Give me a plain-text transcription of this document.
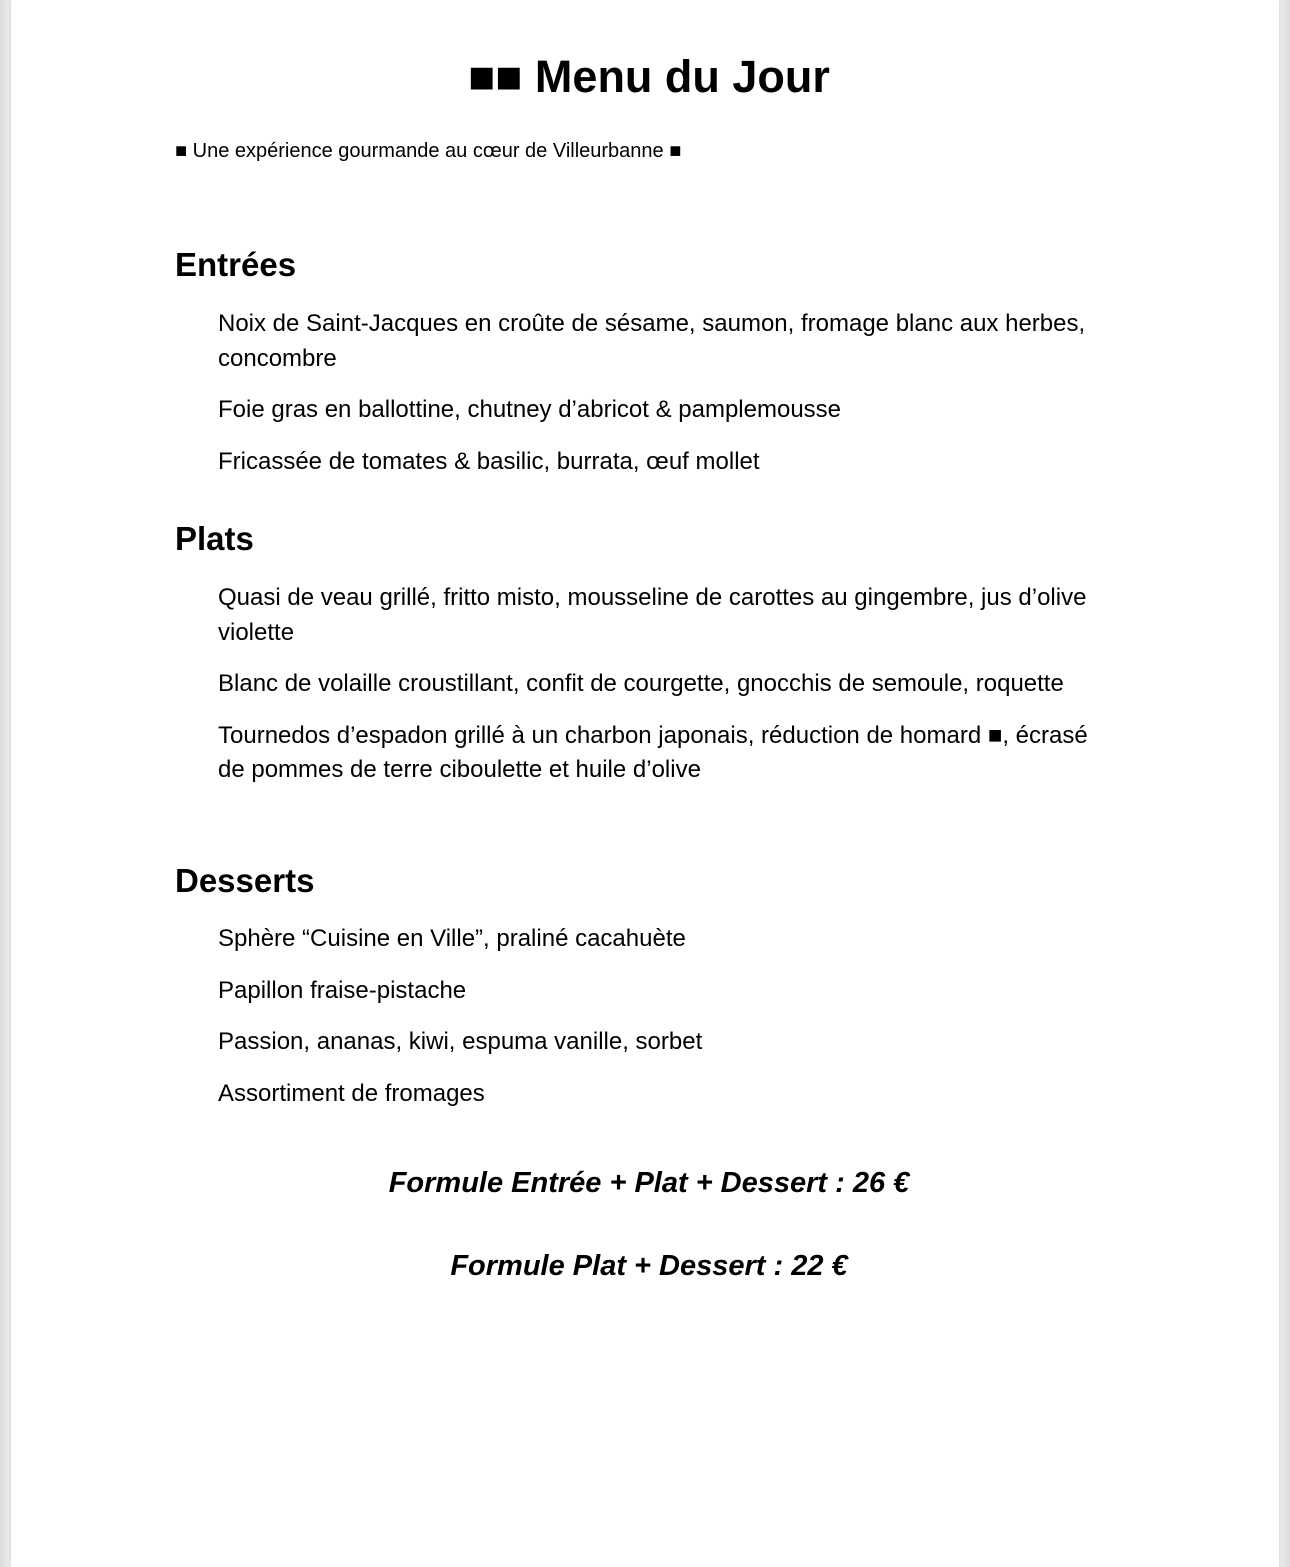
■■ Menu du Jour

■ Une expérience gourmande au cœur de Villeurbanne ■

Entrées
Noix de Saint-Jacques en croûte de sésame, saumon, fromage blanc aux herbes, concombre
Foie gras en ballottine, chutney d’abricot & pamplemousse
Fricassée de tomates & basilic, burrata, œuf mollet
Plats
Quasi de veau grillé, fritto misto, mousseline de carottes au gingembre, jus d’olive violette
Blanc de volaille croustillant, confit de courgette, gnocchis de semoule, roquette
Tournedos d’espadon grillé à un charbon japonais, réduction de homard ■, écrasé de pommes de terre ciboulette et huile d’olive
Desserts
Sphère “Cuisine en Ville”, praliné cacahuète
Papillon fraise-pistache
Passion, ananas, kiwi, espuma vanille, sorbet
Assortiment de fromages

Formule Entrée + Plat + Dessert : 26 €

Formule Plat + Dessert : 22 €
